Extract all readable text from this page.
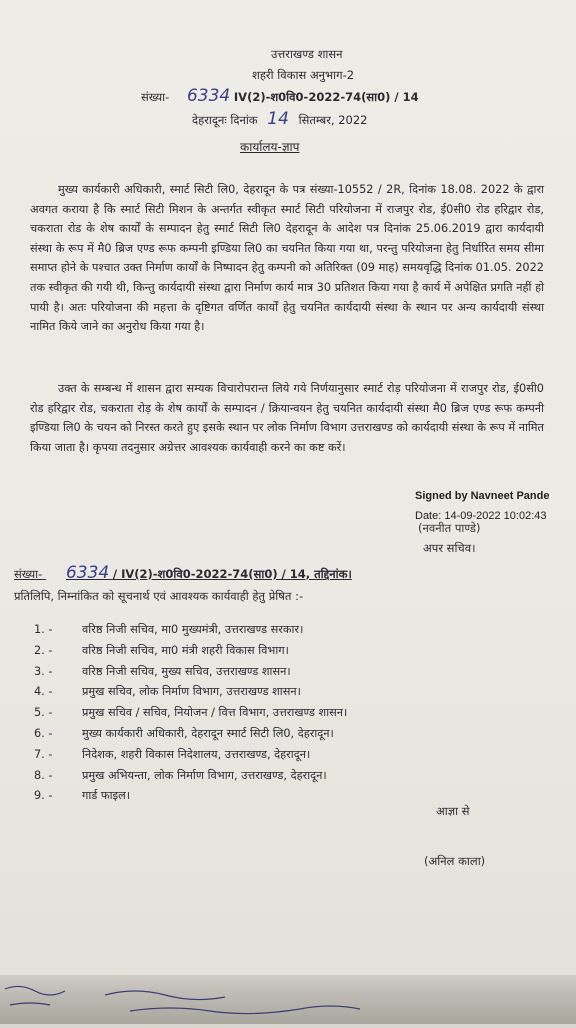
उत्तराखण्ड शासन
शहरी विकास अनुभाग-2
संख्या- 6334 IV(2)-श0वि0-2022-74(सा0) / 14
देहरादूनः दिनांक 14 सितम्बर, 2022
कार्यालय-ज्ञाप
मुख्य कार्यकारी अधिकारी, स्मार्ट सिटी लि0, देहरादून के पत्र संख्या-10552 / 2R, दिनांक 18.08. 2022 के द्वारा अवगत कराया है कि स्मार्ट सिटी मिशन के अन्तर्गत स्वीकृत स्मार्ट सिटी परियोजना में राजपुर रोड, ई0सी0 रोड हरिद्वार रोड, चकराता रोड के शेष कार्यों के सम्पादन हेतु स्मार्ट सिटी लि0 देहरादून के आदेश पत्र दिनांक 25.06.2019 द्वारा कार्यदायी संस्था के रूप में मै0 ब्रिज एण्ड रूफ कम्पनी इण्डिया लि0 का चयनित किया गया था, परन्तु परियोजना हेतु निर्धारित समय सीमा समाप्त होने के पश्चात उक्त निर्माण कार्यों के निष्पादन हेतु कम्पनी को अतिरिक्त (09 माह) समयवृद्धि दिनांक 01.05. 2022 तक स्वीकृत की गयी थी, किन्तु कार्यदायी संस्था द्वारा निर्माण कार्य मात्र 30 प्रतिशत किया गया है कार्य में अपेक्षित प्रगति नहीं हो पायी है। अतः परियोजना की महत्ता के दृष्टिगत वर्णित कार्यों हेतु चयनित कार्यदायी संस्था के स्थान पर अन्य कार्यदायी संस्था नामित किये जाने का अनुरोध किया गया है।
उक्त के सम्बन्ध में शासन द्वारा सम्यक विचारोपरान्त लिये गये निर्णयानुसार स्मार्ट रोड़ परियोजना में राजपुर रोड, ई0सी0 रोड हरिद्वार रोड, चकराता रोड़ के शेष कार्यों के सम्पादन / क्रियान्वयन हेतु चयनित कार्यदायी संस्था मै0 ब्रिज एण्ड रूफ कम्पनी इण्डिया लि0 के चयन को निरस्त करते हुए इसके स्थान पर लोक निर्माण विभाग उत्तराखण्ड को कार्यदायी संस्था के रूप में नामित किया जाता है। कृपया तदनुसार अग्रेत्तर आवश्यक कार्यवाही करने का कष्ट करें।
Signed by Navneet Pande
Date: 14-09-2022 10:02:43
(नवनीत पाण्डे)
अपर सचिव।
संख्या- 6334 / IV(2)-श0वि0-2022-74(सा0) / 14, तद्दिनांक।
प्रतिलिपि, निम्नांकित को सूचनार्थ एवं आवश्यक कार्यवाही हेतु प्रेषित :-
1. -	वरिष्ठ निजी सचिव, मा0 मुख्यमंत्री, उत्तराखण्ड सरकार।
2. -	वरिष्ठ निजी सचिव, मा0 मंत्री शहरी विकास विभाग।
3. -	वरिष्ठ निजी सचिव, मुख्य सचिव, उत्तराखण्ड शासन।
4. -	प्रमुख सचिव, लोक निर्माण विभाग, उत्तराखण्ड शासन।
5. -	प्रमुख सचिव / सचिव, नियोजन / वित्त विभाग, उत्तराखण्ड शासन।
6. -	मुख्य कार्यकारी अधिकारी, देहरादून स्मार्ट सिटी लि0, देहरादून।
7. -	निदेशक, शहरी विकास निदेशालय, उत्तराखण्ड, देहरादून।
8. -	प्रमुख अभियन्ता, लोक निर्माण विभाग, उत्तराखण्ड, देहरादून।
9. -	गार्ड फाइल।
आज्ञा से
(अनिल काला)
